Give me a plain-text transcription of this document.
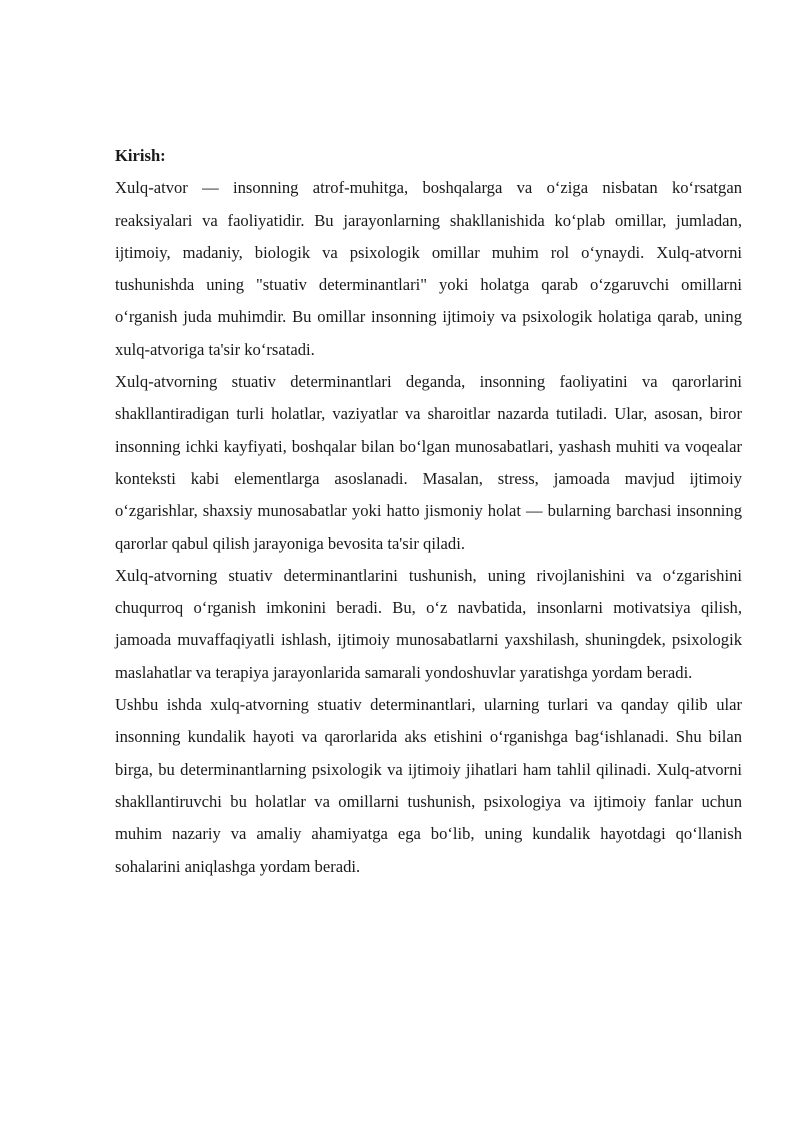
Kirish:

Xulq-atvor — insonning atrof-muhitga, boshqalarga va o‘ziga nisbatan ko‘rsatgan reaksiyalari va faoliyatidir. Bu jarayonlarning shakllanishida ko‘plab omillar, jumladan, ijtimoiy, madaniy, biologik va psixologik omillar muhim rol o‘ynaydi. Xulq-atvorni tushunishda uning "stuativ determinantlari" yoki holatga qarab o‘zgaruvchi omillarni o‘rganish juda muhimdir. Bu omillar insonning ijtimoiy va psixologik holatiga qarab, uning xulq-atvoriga ta'sir ko‘rsatadi.

Xulq-atvorning stuativ determinantlari deganda, insonning faoliyatini va qarorlarini shakllantiradigan turli holatlar, vaziyatlar va sharoitlar nazarda tutiladi. Ular, asosan, biror insonning ichki kayfiyati, boshqalar bilan bo‘lgan munosabatlari, yashash muhiti va voqealar konteksti kabi elementlarga asoslanadi. Masalan, stress, jamoada mavjud ijtimoiy o‘zgarishlar, shaxsiy munosabatlar yoki hatto jismoniy holat — bularning barchasi insonning qarorlar qabul qilish jarayoniga bevosita ta'sir qiladi.

Xulq-atvorning stuativ determinantlarini tushunish, uning rivojlanishini va o‘zgarishini chuqurroq o‘rganish imkonini beradi. Bu, o‘z navbatida, insonlarni motivatsiya qilish, jamoada muvaffaqiyatli ishlash, ijtimoiy munosabatlarni yaxshilash, shuningdek, psixologik maslahatlar va terapiya jarayonlarida samarali yondoshuvlar yaratishga yordam beradi.

Ushbu ishda xulq-atvorning stuativ determinantlari, ularning turlari va qanday qilib ular insonning kundalik hayoti va qarorlarida aks etishini o‘rganishga bag‘ishlanadi. Shu bilan birga, bu determinantlarning psixologik va ijtimoiy jihatlari ham tahlil qilinadi. Xulq-atvorni shakllantiruvchi bu holatlar va omillarni tushunish, psixologiya va ijtimoiy fanlar uchun muhim nazariy va amaliy ahamiyatga ega bo‘lib, uning kundalik hayotdagi qo‘llanish sohalarini aniqlashga yordam beradi.
